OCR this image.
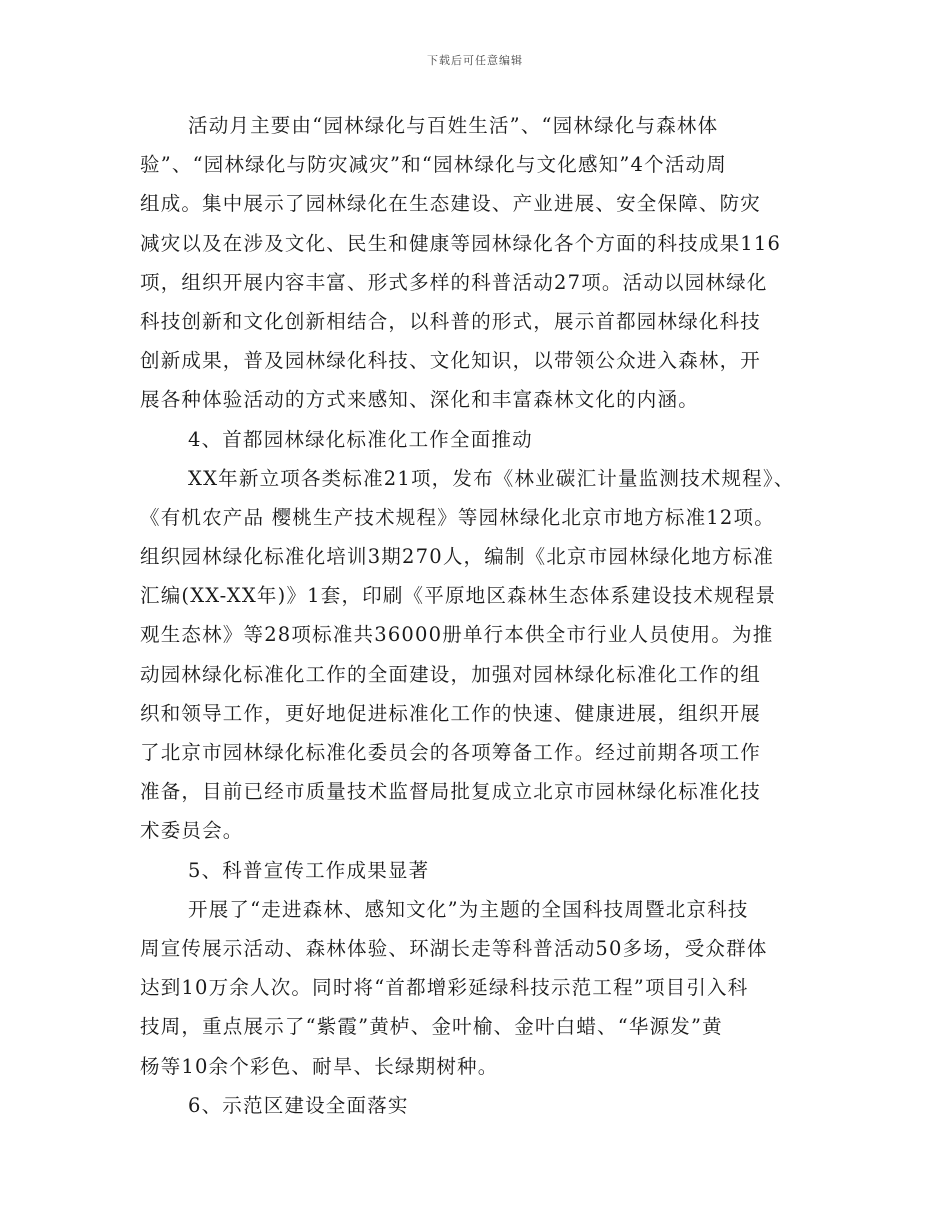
下载后可任意编辑
活动月主要由“园林绿化与百姓生活”、“园林绿化与森林体
验”、“园林绿化与防灾减灾”和“园林绿化与文化感知”4个活动周
组成。集中展示了园林绿化在生态建设、产业进展、安全保障、防灾
减灾以及在涉及文化、民生和健康等园林绿化各个方面的科技成果116
项，组织开展内容丰富、形式多样的科普活动27项。活动以园林绿化
科技创新和文化创新相结合，以科普的形式，展示首都园林绿化科技
创新成果，普及园林绿化科技、文化知识，以带领公众进入森林，开
展各种体验活动的方式来感知、深化和丰富森林文化的内涵。
4、首都园林绿化标准化工作全面推动
XX年新立项各类标准21项，发布《林业碳汇计量监测技术规程》、
《有机农产品 樱桃生产技术规程》等园林绿化北京市地方标准12项。
组织园林绿化标准化培训3期270人，编制《北京市园林绿化地方标准
汇编(XX-XX年)》1套，印刷《平原地区森林生态体系建设技术规程景
观生态林》等28项标准共36000册单行本供全市行业人员使用。为推
动园林绿化标准化工作的全面建设，加强对园林绿化标准化工作的组
织和领导工作，更好地促进标准化工作的快速、健康进展，组织开展
了北京市园林绿化标准化委员会的各项筹备工作。经过前期各项工作
准备，目前已经市质量技术监督局批复成立北京市园林绿化标准化技
术委员会。
5、科普宣传工作成果显著
开展了“走进森林、感知文化”为主题的全国科技周暨北京科技
周宣传展示活动、森林体验、环湖长走等科普活动50多场，受众群体
达到10万余人次。同时将“首都增彩延绿科技示范工程”项目引入科
技周，重点展示了“紫霞”黄栌、金叶榆、金叶白蜡、“华源发”黄
杨等10余个彩色、耐旱、长绿期树种。
6、示范区建设全面落实
